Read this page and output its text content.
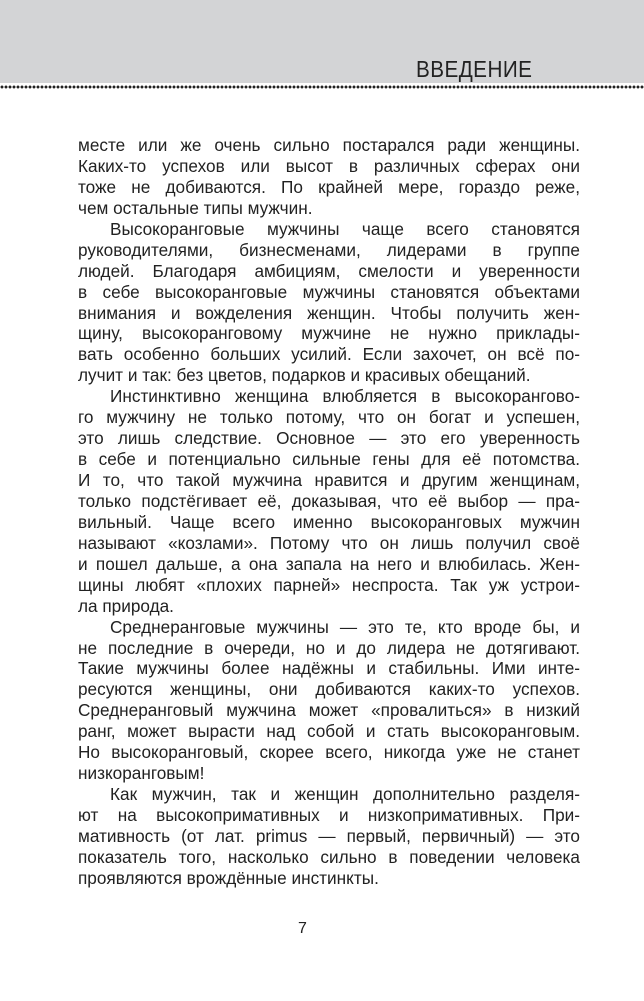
ВВЕДЕНИЕ
месте или же очень сильно постарался ради женщины.
Каких-то успехов или высот в различных сферах они
тоже не добиваются. По крайней мере, гораздо реже,
чем остальные типы мужчин.
Высокоранговые мужчины чаще всего становятся
руководителями, бизнесменами, лидерами в группе
людей. Благодаря амбициям, смелости и уверенности
в себе высокоранговые мужчины становятся объектами
внимания и вожделения женщин. Чтобы получить жен-
щину, высокоранговому мужчине не нужно приклады-
вать особенно больших усилий. Если захочет, он всё по-
лучит и так: без цветов, подарков и красивых обещаний.
Инстинктивно женщина влюбляется в высокорангово-
го мужчину не только потому, что он богат и успешен,
это лишь следствие. Основное — это его уверенность
в себе и потенциально сильные гены для её потомства.
И то, что такой мужчина нравится и другим женщинам,
только подстёгивает её, доказывая, что её выбор — пра-
вильный. Чаще всего именно высокоранговых мужчин
называют «козлами». Потому что он лишь получил своё
и пошел дальше, а она запала на него и влюбилась. Жен-
щины любят «плохих парней» неспроста. Так уж устрои-
ла природа.
Среднеранговые мужчины — это те, кто вроде бы, и
не последние в очереди, но и до лидера не дотягивают.
Такие мужчины более надёжны и стабильны. Ими инте-
ресуются женщины, они добиваются каких-то успехов.
Среднеранговый мужчина может «провалиться» в низкий
ранг, может вырасти над собой и стать высокоранговым.
Но высокоранговый, скорее всего, никогда уже не станет
низкоранговым!
Как мужчин, так и женщин дополнительно разделя-
ют на высокопримативных и низкопримативных. При-
мативность (от лат. primus — первый, первичный) — это
показатель того, насколько сильно в поведении человека
проявляются врождённые инстинкты.
7
